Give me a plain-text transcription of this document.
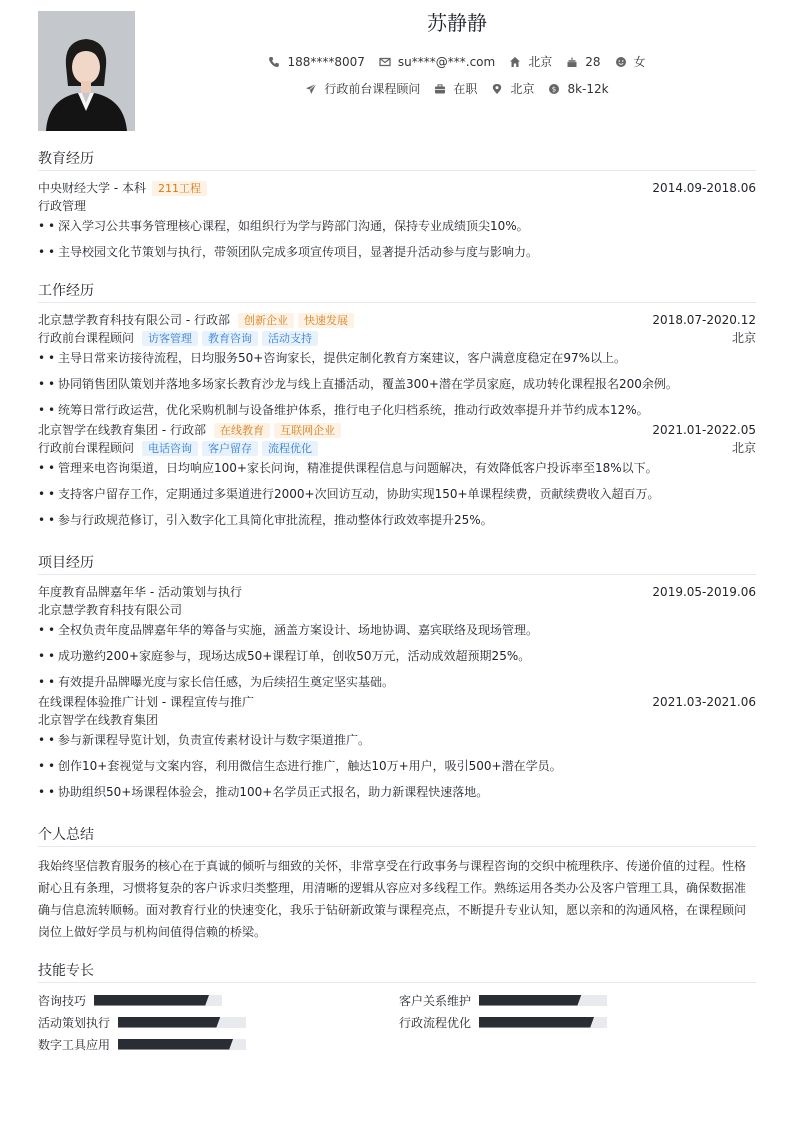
苏静静
188****8007	su****@***.com	北京	28	女
行政前台课程顾问	在职	北京	$ 8k-12k
教育经历
中央财经大学 - 本科	211工程	2014.09-2018.06
行政管理
• • 深入学习公共事务管理核心课程，如组织行为学与跨部门沟通，保持专业成绩顶尖10%。
• • 主导校园文化节策划与执行，带领团队完成多项宣传项目，显著提升活动参与度与影响力。
工作经历
北京慧学教育科技有限公司 - 行政部	创新企业	快速发展	2018.07-2020.12
行政前台课程顾问	访客管理	教育咨询	活动支持	北京
• • 主导日常来访接待流程，日均服务50+咨询家长，提供定制化教育方案建议，客户满意度稳定在97%以上。
• • 协同销售团队策划并落地多场家长教育沙龙与线上直播活动，覆盖300+潜在学员家庭，成功转化课程报名200余例。
• • 统筹日常行政运营，优化采购机制与设备维护体系，推行电子化归档系统，推动行政效率提升并节约成本12%。
北京智学在线教育集团 - 行政部	在线教育	互联网企业	2021.01-2022.05
行政前台课程顾问	电话咨询	客户留存	流程优化	北京
• • 管理来电咨询渠道，日均响应100+家长问询，精准提供课程信息与问题解决，有效降低客户投诉率至18%以下。
• • 支持客户留存工作，定期通过多渠道进行2000+次回访互动，协助实现150+单课程续费，贡献续费收入超百万。
• • 参与行政规范修订，引入数字化工具简化审批流程，推动整体行政效率提升25%。
项目经历
年度教育品牌嘉年华 - 活动策划与执行	2019.05-2019.06
北京慧学教育科技有限公司
• • 全权负责年度品牌嘉年华的筹备与实施，涵盖方案设计、场地协调、嘉宾联络及现场管理。
• • 成功邀约200+家庭参与，现场达成50+课程订单，创收50万元，活动成效超预期25%。
• • 有效提升品牌曝光度与家长信任感，为后续招生奠定坚实基础。
在线课程体验推广计划 - 课程宣传与推广	2021.03-2021.06
北京智学在线教育集团
• • 参与新课程导览计划，负责宣传素材设计与数字渠道推广。
• • 创作10+套视觉与文案内容，利用微信生态进行推广，触达10万+用户，吸引500+潜在学员。
• • 协助组织50+场课程体验会，推动100+名学员正式报名，助力新课程快速落地。
个人总结
我始终坚信教育服务的核心在于真诚的倾听与细致的关怀，非常享受在行政事务与课程咨询的交织中梳理秩序、传递价值的过程。性格
耐心且有条理，习惯将复杂的客户诉求归类整理，用清晰的逻辑从容应对多线程工作。熟练运用各类办公及客户管理工具，确保数据准
确与信息流转顺畅。面对教育行业的快速变化，我乐于钻研新政策与课程亮点，不断提升专业认知，愿以亲和的沟通风格，在课程顾问
岗位上做好学员与机构间值得信赖的桥梁。
技能专长
咨询技巧	客户关系维护
活动策划执行	行政流程优化
数字工具应用
